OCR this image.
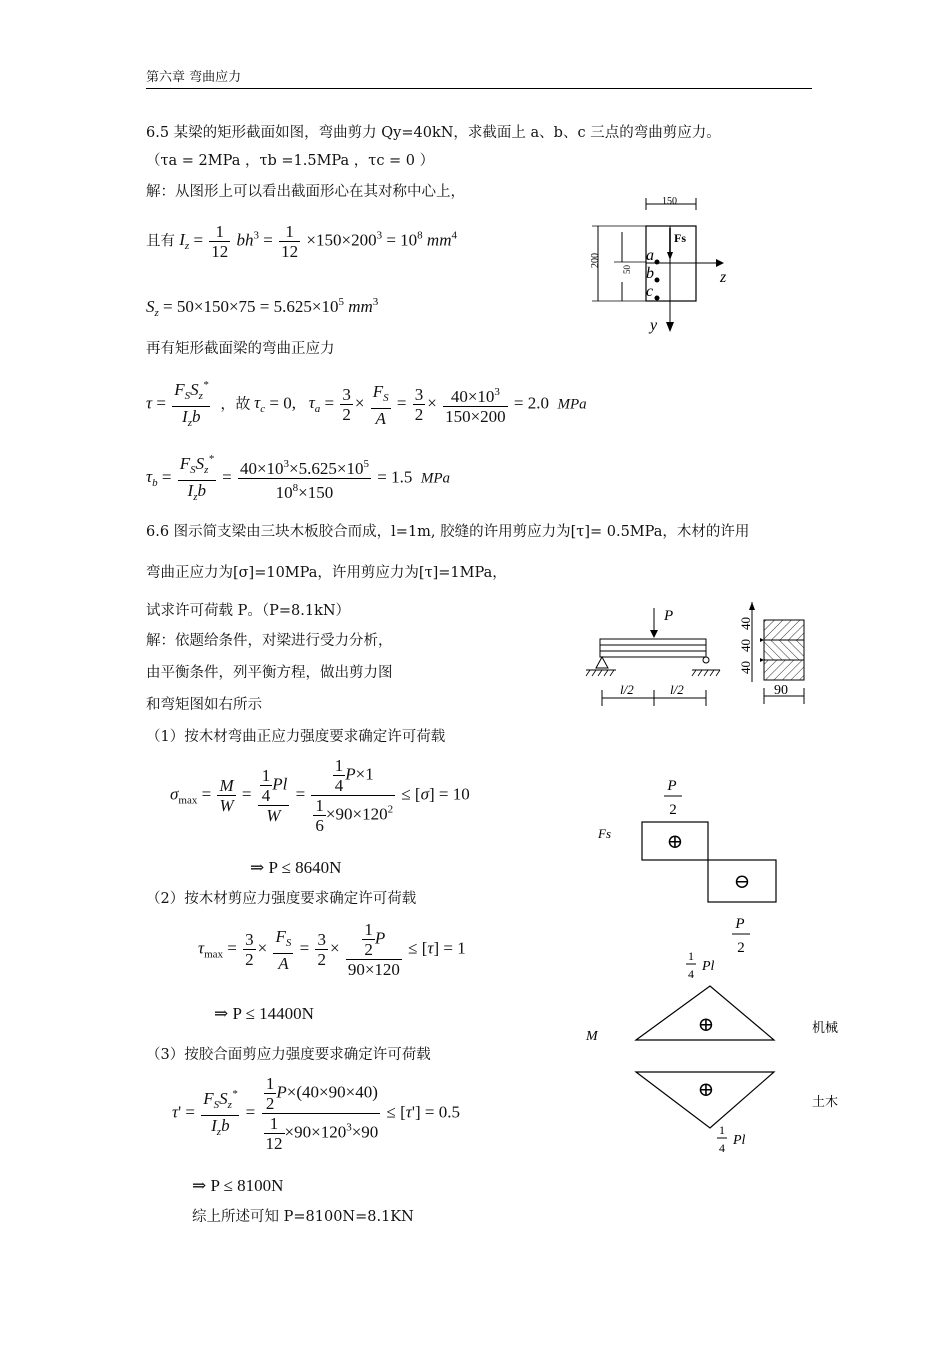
第六章 弯曲应力
6.5 某梁的矩形截面如图，弯曲剪力 Qy=40kN，求截面上 a、b、c 三点的弯曲剪应力。
（τa = 2MPa ，τb =1.5MPa ，τc = 0 ）
解：从图形上可以看出截面形心在其对称中心上，
且有 $I_z = \frac{1}{12} bh^3 = \frac{1}{12} \times 150\times 200^3 = 10^8$ $mm^4$
$S_z = 50\times 150\times 75 = 5.625\times 10^5$ $mm^3$
再有矩形截面梁的弯曲正应力
$\tau = \frac{F_SS_z^*}{I_zb}$ ，故 $\tau_c = 0$,   $\tau_a = \frac{3}{2} \times \frac{F_S}{A} = \frac{3}{2} \times \frac{40\times 10^3}{150\times 200} = 2.0$  MPa
$\tau_b = \frac{F_SS_z^*}{I_zb} = \frac{40\times 10^3\times 5.625\times 10^5}{10^8\times 150} = 1.5$  MPa
150
200
50	z
y
Fs
a
b
c
6.6 图示简支梁由三块木板胶合而成，l=1m, 胶缝的许用剪应力为[τ]= 0.5MPa，木材的许用
弯曲正应力为[σ]=10MPa，许用剪应力为[τ]=1MPa，
试求许可荷载 P。（P=8.1kN）
解：依题给条件，对梁进行受力分析，
由平衡条件，列平衡方程，做出剪力图
和弯矩图如右所示
（1）按木材弯曲正应力强度要求确定许可荷载
P
l/2	l/2
40
40
40
90
$\sigma_{max} = \frac{M}{W} = \frac{\frac{1}{4} Pl}{W} = \frac{\frac{1}{4} P\times 1}{\frac{1}{6} \times 90\times 120^2} \le [\sigma] = 10$
⇒ P ≤ 8640N
（2）按木材剪应力强度要求确定许可荷载
$\tau_{max} = \frac{3}{2} \times \frac{F_S}{A} = \frac{3}{2} \times \frac{\frac{1}{2} P}{90\times 120} \le [\tau] = 1$
⇒ P ≤ 14400N
（3）按胶合面剪应力强度要求确定许可荷载
$\tau' = \frac{F_SS_z^*}{I_zb} = \frac{\frac{1}{2} P\times(40\times 90\times 40)}{\frac{1}{12} \times 90\times 120^3\times 90} \le [\tau'] = 0.5$
⇒ P ≤ 8100N
综上所述可知 P=8100N=8.1KN
P
2
Fs	⊕
⊖
P
2
1
4 Pl
M
⊕	机械
⊕
土木
1
4 Pl
